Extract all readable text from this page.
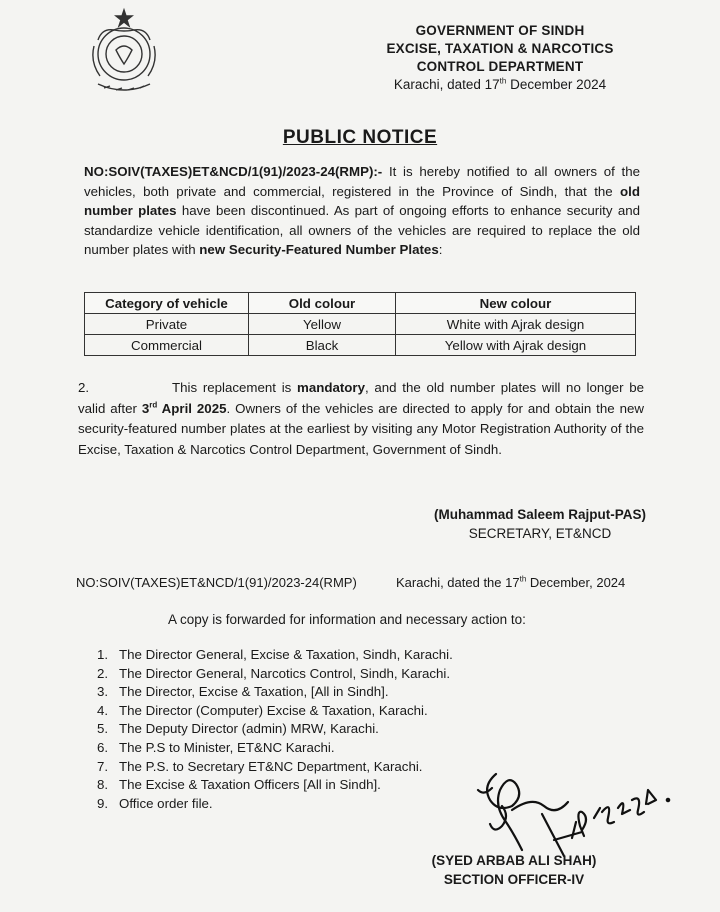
GOVERNMENT OF SINDH
EXCISE, TAXATION & NARCOTICS
CONTROL DEPARTMENT
Karachi, dated 17th December 2024
PUBLIC NOTICE
NO:SOIV(TAXES)ET&NCD/1(91)/2023-24(RMP):- It is hereby notified to all owners of the vehicles, both private and commercial, registered in the Province of Sindh, that the old number plates have been discontinued. As part of ongoing efforts to enhance security and standardize vehicle identification, all owners of the vehicles are required to replace the old number plates with new Security-Featured Number Plates:
Category of vehicle	Old colour	New colour
Private	Yellow	White with Ajrak design
Commercial	Black	Yellow with Ajrak design
2.	This replacement is mandatory, and the old number plates will no longer be valid after 3rd April 2025. Owners of the vehicles are directed to apply for and obtain the new security-featured number plates at the earliest by visiting any Motor Registration Authority of the Excise, Taxation & Narcotics Control Department, Government of Sindh.
(Muhammad Saleem Rajput-PAS)
SECRETARY, ET&NCD
NO:SOIV(TAXES)ET&NCD/1(91)/2023-24(RMP)	Karachi, dated the 17th December, 2024
A copy is forwarded for information and necessary action to:
1. The Director General, Excise & Taxation, Sindh, Karachi.
2. The Director General, Narcotics Control, Sindh, Karachi.
3. The Director, Excise & Taxation, [All in Sindh].
4. The Director (Computer) Excise & Taxation, Karachi.
5. The Deputy Director (admin) MRW, Karachi.
6. The P.S to Minister, ET&NC Karachi.
7. The P.S. to Secretary ET&NC Department, Karachi.
8. The Excise & Taxation Officers [All in Sindh].
9. Office order file.
(SYED ARBAB ALI SHAH)
SECTION OFFICER-IV
